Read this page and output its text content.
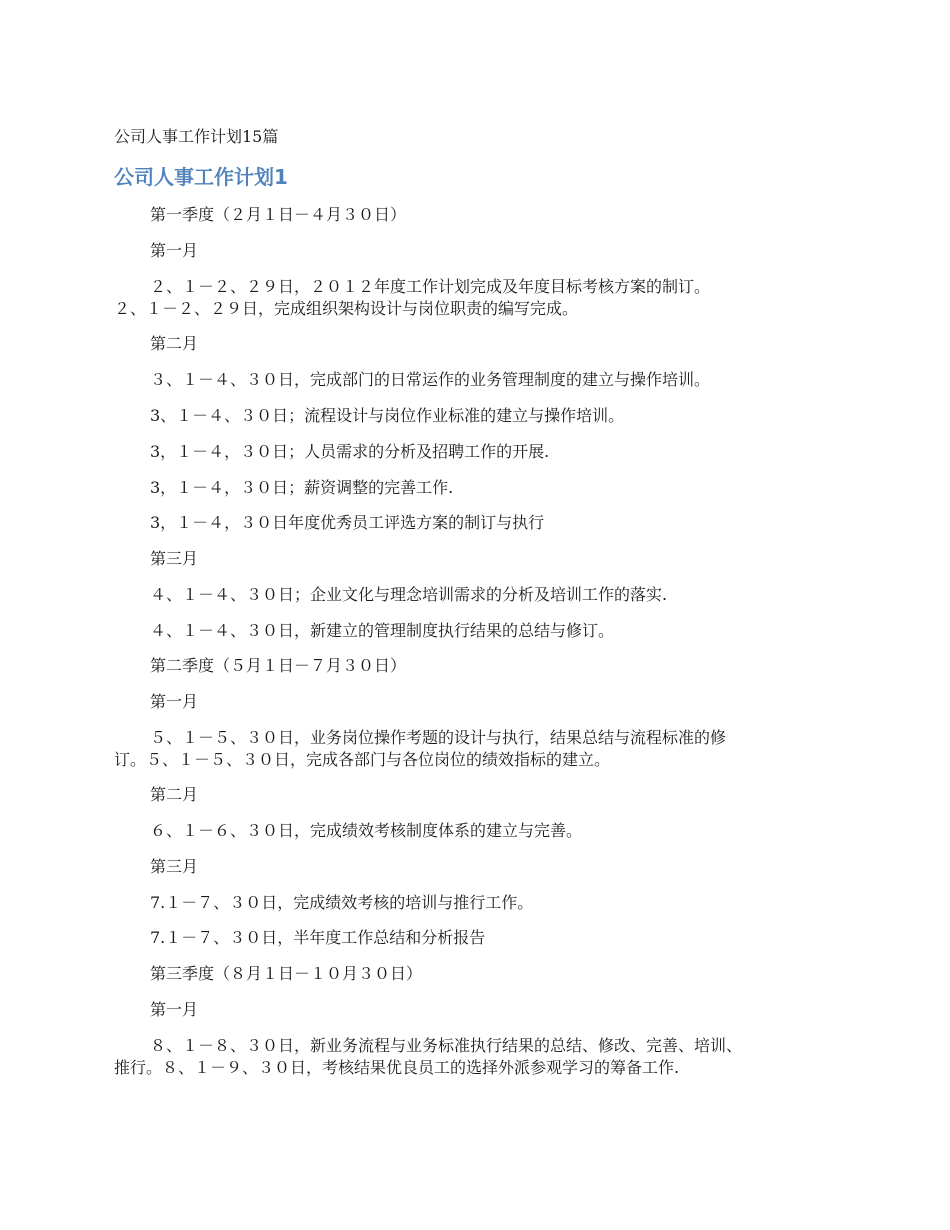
公司人事工作计划15篇
公司人事工作计划1
第一季度（２月１日－４月３０日）
第一月
２、１－２、２９日，２０１２年度工作计划完成及年度目标考核方案的制订。
２、１－２、２９日，完成组织架构设计与岗位职责的编写完成。
第二月
３、１－４、３０日，完成部门的日常运作的业务管理制度的建立与操作培训。
3、１－４、３０日；流程设计与岗位作业标准的建立与操作培训。
3，１－４，３０日；人员需求的分析及招聘工作的开展.
3，１－４，３０日；薪资调整的完善工作.
3，１－４，３０日年度优秀员工评选方案的制订与执行
第三月
４、１－４、３０日；企业文化与理念培训需求的分析及培训工作的落实.
４、１－４、３０日，新建立的管理制度执行结果的总结与修订。
第二季度（５月１日－７月３０日）
第一月
５、１－５、３０日，业务岗位操作考题的设计与执行，结果总结与流程标准的修
订。５、１－５、３０日，完成各部门与各位岗位的绩效指标的建立。
第二月
６、１－６、３０日，完成绩效考核制度体系的建立与完善。
第三月
7.１－７、３０日，完成绩效考核的培训与推行工作。
7.１－７、３０日，半年度工作总结和分析报告
第三季度（８月１日－１０月３０日）
第一月
８、１－８、３０日，新业务流程与业务标准执行结果的总结、修改、完善、培训、
推行。８、１－９、３０日，考核结果优良员工的选择外派参观学习的筹备工作.
